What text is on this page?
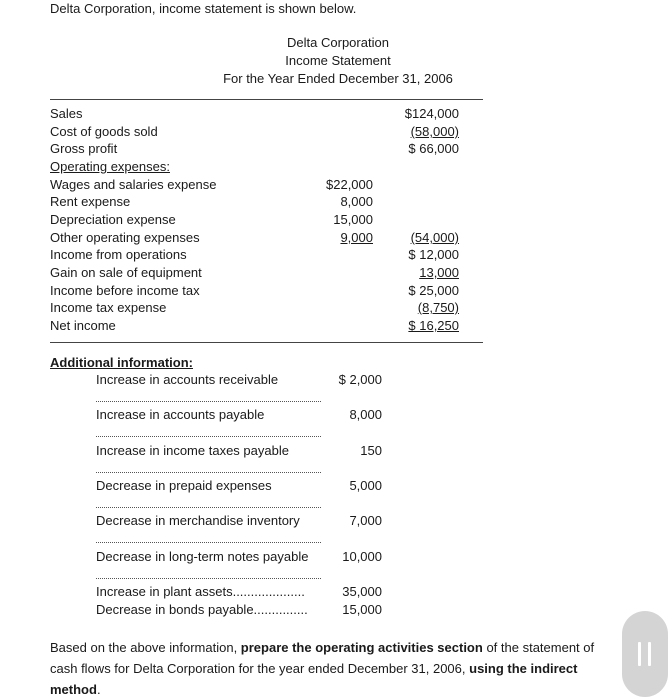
Delta Corporation, income statement is shown below.
Delta Corporation
Income Statement
For the Year Ended December 31, 2006
Sales	$124,000
Cost of goods sold	(58,000)
Gross profit	$ 66,000
Operating expenses:
Wages and salaries expense	$22,000
Rent expense	8,000
Depreciation expense	15,000
Other operating expenses	9,000	(54,000)
Income from operations	$ 12,000
Gain on sale of equipment	13,000
Income before income tax	$ 25,000
Income tax expense	(8,750)
Net income	$ 16,250
Additional information:
Increase in accounts receivable	$ 2,000
Increase in accounts payable	8,000
Increase in income taxes payable	150
Decrease in prepaid expenses	5,000
Decrease in merchandise inventory	7,000
Decrease in long-term notes payable	10,000
Increase in plant assets....................	35,000
Decrease in bonds payable...............	15,000
Based on the above information, prepare the operating activities section of the statement of cash flows for Delta Corporation for the year ended December 31, 2006, using the indirect method.
